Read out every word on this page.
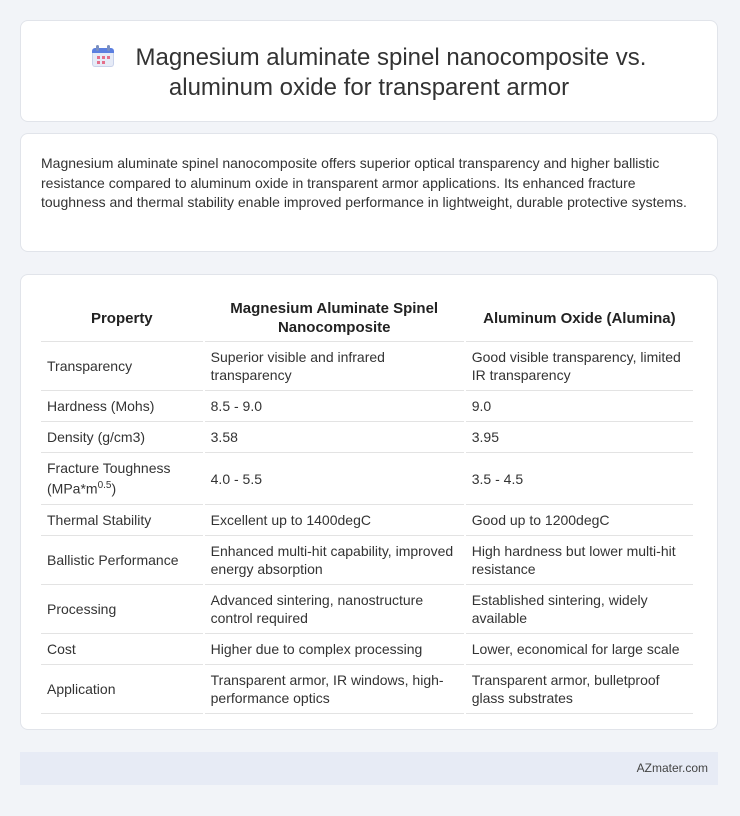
Magnesium aluminate spinel nanocomposite vs.
aluminum oxide for transparent armor

Magnesium aluminate spinel nanocomposite offers superior optical transparency and higher ballistic resistance compared to aluminum oxide in transparent armor applications. Its enhanced fracture toughness and thermal stability enable improved performance in lightweight, durable protective systems.

Property	Magnesium Aluminate Spinel Nanocomposite	Aluminum Oxide (Alumina)
Transparency	Superior visible and infrared transparency	Good visible transparency, limited IR transparency
Hardness (Mohs)	8.5 - 9.0	9.0
Density (g/cm3)	3.58	3.95
Fracture Toughness $(MPa*m^{0.5})$	4.0 - 5.5	3.5 - 4.5
Thermal Stability	Excellent up to 1400degC	Good up to 1200degC
Ballistic Performance	Enhanced multi-hit capability, improved energy absorption	High hardness but lower multi-hit resistance
Processing	Advanced sintering, nanostructure control required	Established sintering, widely available
Cost	Higher due to complex processing	Lower, economical for large scale
Application	Transparent armor, IR windows, high-performance optics	Transparent armor, bulletproof glass substrates
AZmater.com
